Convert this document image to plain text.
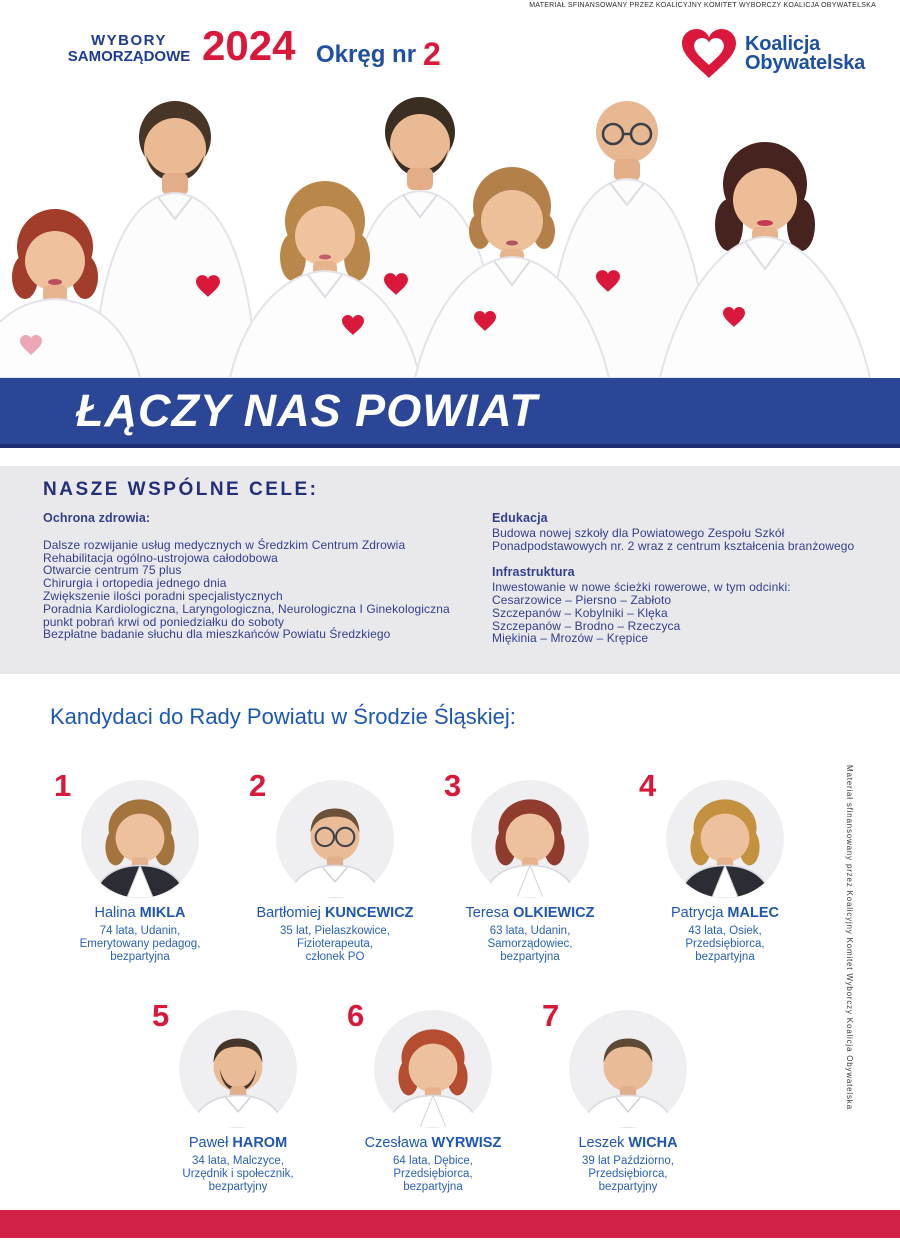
MATERIAŁ SFINANSOWANY PRZEZ KOALICYJNY KOMITET WYBORCZY KOALICJA OBYWATELSKA
WYBORY
SAMORZĄDOWE 2024 Okręg nr 2	Koalicja
Obywatelska
ŁĄCZY NAS POWIAT
NASZE WSPÓLNE CELE:
Ochrona zdrowia:
Dalsze rozwijanie usług medycznych w Średzkim Centrum Zdrowia
Rehabilitacja ogólno-ustrojowa całodobowa
Otwarcie centrum 75 plus
Chirurgia i ortopedia jednego dnia
Zwiększenie ilości poradni specjalistycznych
Poradnia Kardiologiczna, Laryngologiczna, Neurologiczna I Ginekologiczna
punkt pobrań krwi od poniedziałku do soboty
Bezpłatne badanie słuchu dla mieszkańców Powiatu Średzkiego
Edukacja
Budowa nowej szkoły dla Powiatowego Zespołu Szkół
Ponadpodstawowych nr. 2 wraz z centrum kształcenia branżowego
Infrastruktura
Inwestowanie w nowe ścieżki rowerowe, w tym odcinki:
Cesarzowice – Piersno – Zabłoto
Szczepanów – Kobylniki – Klęka
Szczepanów – Brodno – Rzeczyca
Miękinia – Mrozów – Krępice
Kandydaci do Rady Powiatu w Środzie Śląskiej:
1
Halina MIKLA
74 lata, Udanin,
Emerytowany pedagog,
bezpartyjna
2
Bartłomiej KUNCEWICZ
35 lat, Pielaszkowice,
Fizioterapeuta,
członek PO
3
Teresa OLKIEWICZ
63 lata, Udanin,
Samorządowiec,
bezpartyjna
4
Patrycja MALEC
43 lata, Osiek,
Przedsiębiorca,
bezpartyjna
5
Paweł HAROM
34 lata, Malczyce,
Urzędnik i społecznik,
bezpartyjny
6
Czesława WYRWISZ
64 lata, Dębice,
Przedsiębiorca,
bezpartyjna
7
Leszek WICHA
39 lat Paździorno,
Przedsiębiorca,
bezpartyjny
Materiał sfinansowany przez Koalicyjny Komitet Wyborczy Koalicja Obywatelska
